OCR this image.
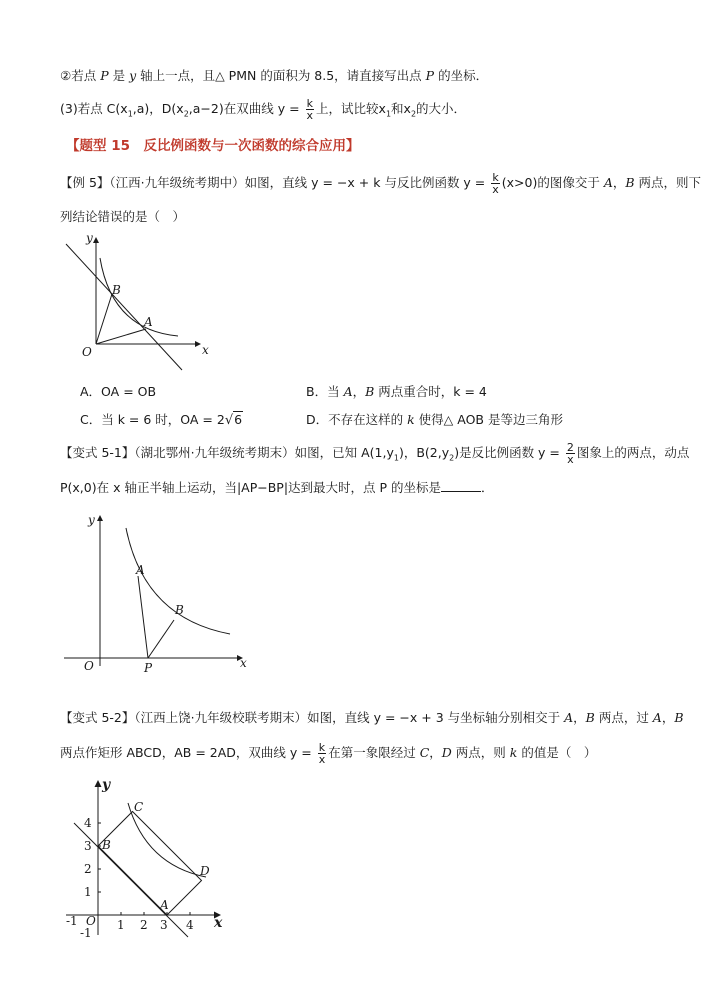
②若点 P 是 y 轴上一点，且△ PMN 的面积为 8.5，请直接写出点 P 的坐标．
(3)若点 $C(x_1,a)$，$D(x_2,a-2)$在双曲线 $y = \frac{k}{x}$ 上，试比较$x_1$和$x_2$的大小．
【题型 15　反比例函数与一次函数的综合应用】
【例 5】（江西·九年级统考期中）如图，直线 y = −x + k 与反比例函数 $y = \frac{k}{x} (x>0)$的图像交于 A，B 两点，则下
列结论错误的是（　）
y
x
O
B
A
A．OA = OB	B．当 A，B 两点重合时，k = 4
C．当 k = 6 时，OA = 2√6	D．不存在这样的 k 使得△ AOB 是等边三角形
【变式 5-1】（湖北鄂州·九年级统考期末）如图，已知 $A(1,y_1)$，$B(2,y_2)$是反比例函数 $y = \frac{2}{x}$ 图象上的两点，动点
P(x,0)在 x 轴正半轴上运动，当|AP−BP|达到最大时，点 P 的坐标是	．
y
x
O
A
B
P
【变式 5-2】（江西上饶·九年级校联考期末）如图，直线 y = −x + 3 与坐标轴分别相交于 A，B 两点，过 A，B
两点作矩形 ABCD，AB = 2AD，双曲线 $y = \frac{k}{x}$ 在第一象限经过 C，D 两点，则 k 的值是（　）
y
x
O
-1	1 2 3 4
4
3
2
1
-1
B
C
D
A
